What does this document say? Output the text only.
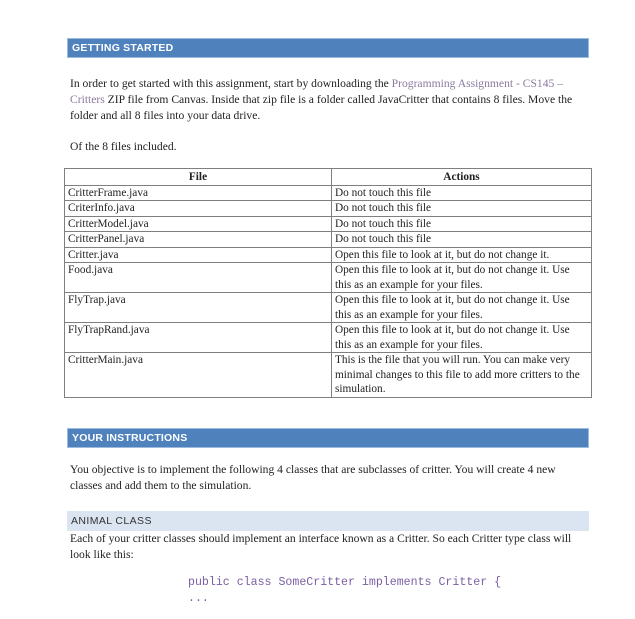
GETTING STARTED
In order to get started with this assignment, start by downloading the Programming Assignment - CS145 – Critters ZIP file from Canvas. Inside that zip file is a folder called JavaCritter that contains 8 files. Move the folder and all 8 files into your data drive.
Of the 8 files included.
File	Actions
CritterFrame.java	Do not touch this file
CriterInfo.java	Do not touch this file
CritterModel.java	Do not touch this file
CritterPanel.java	Do not touch this file
Critter.java	Open this file to look at it, but do not change it.
Food.java	Open this file to look at it, but do not change it. Use this as an example for your files.
FlyTrap.java	Open this file to look at it, but do not change it. Use this as an example for your files.
FlyTrapRand.java	Open this file to look at it, but do not change it. Use this as an example for your files.
CritterMain.java	This is the file that you will run. You can make very minimal changes to this file to add more critters to the simulation.
YOUR INSTRUCTIONS
You objective is to implement the following 4 classes that are subclasses of critter. You will create 4 new classes and add them to the simulation.
ANIMAL CLASS
Each of your critter classes should implement an interface known as a Critter. So each Critter type class will look like this:
public class SomeCritter implements Critter {
...
